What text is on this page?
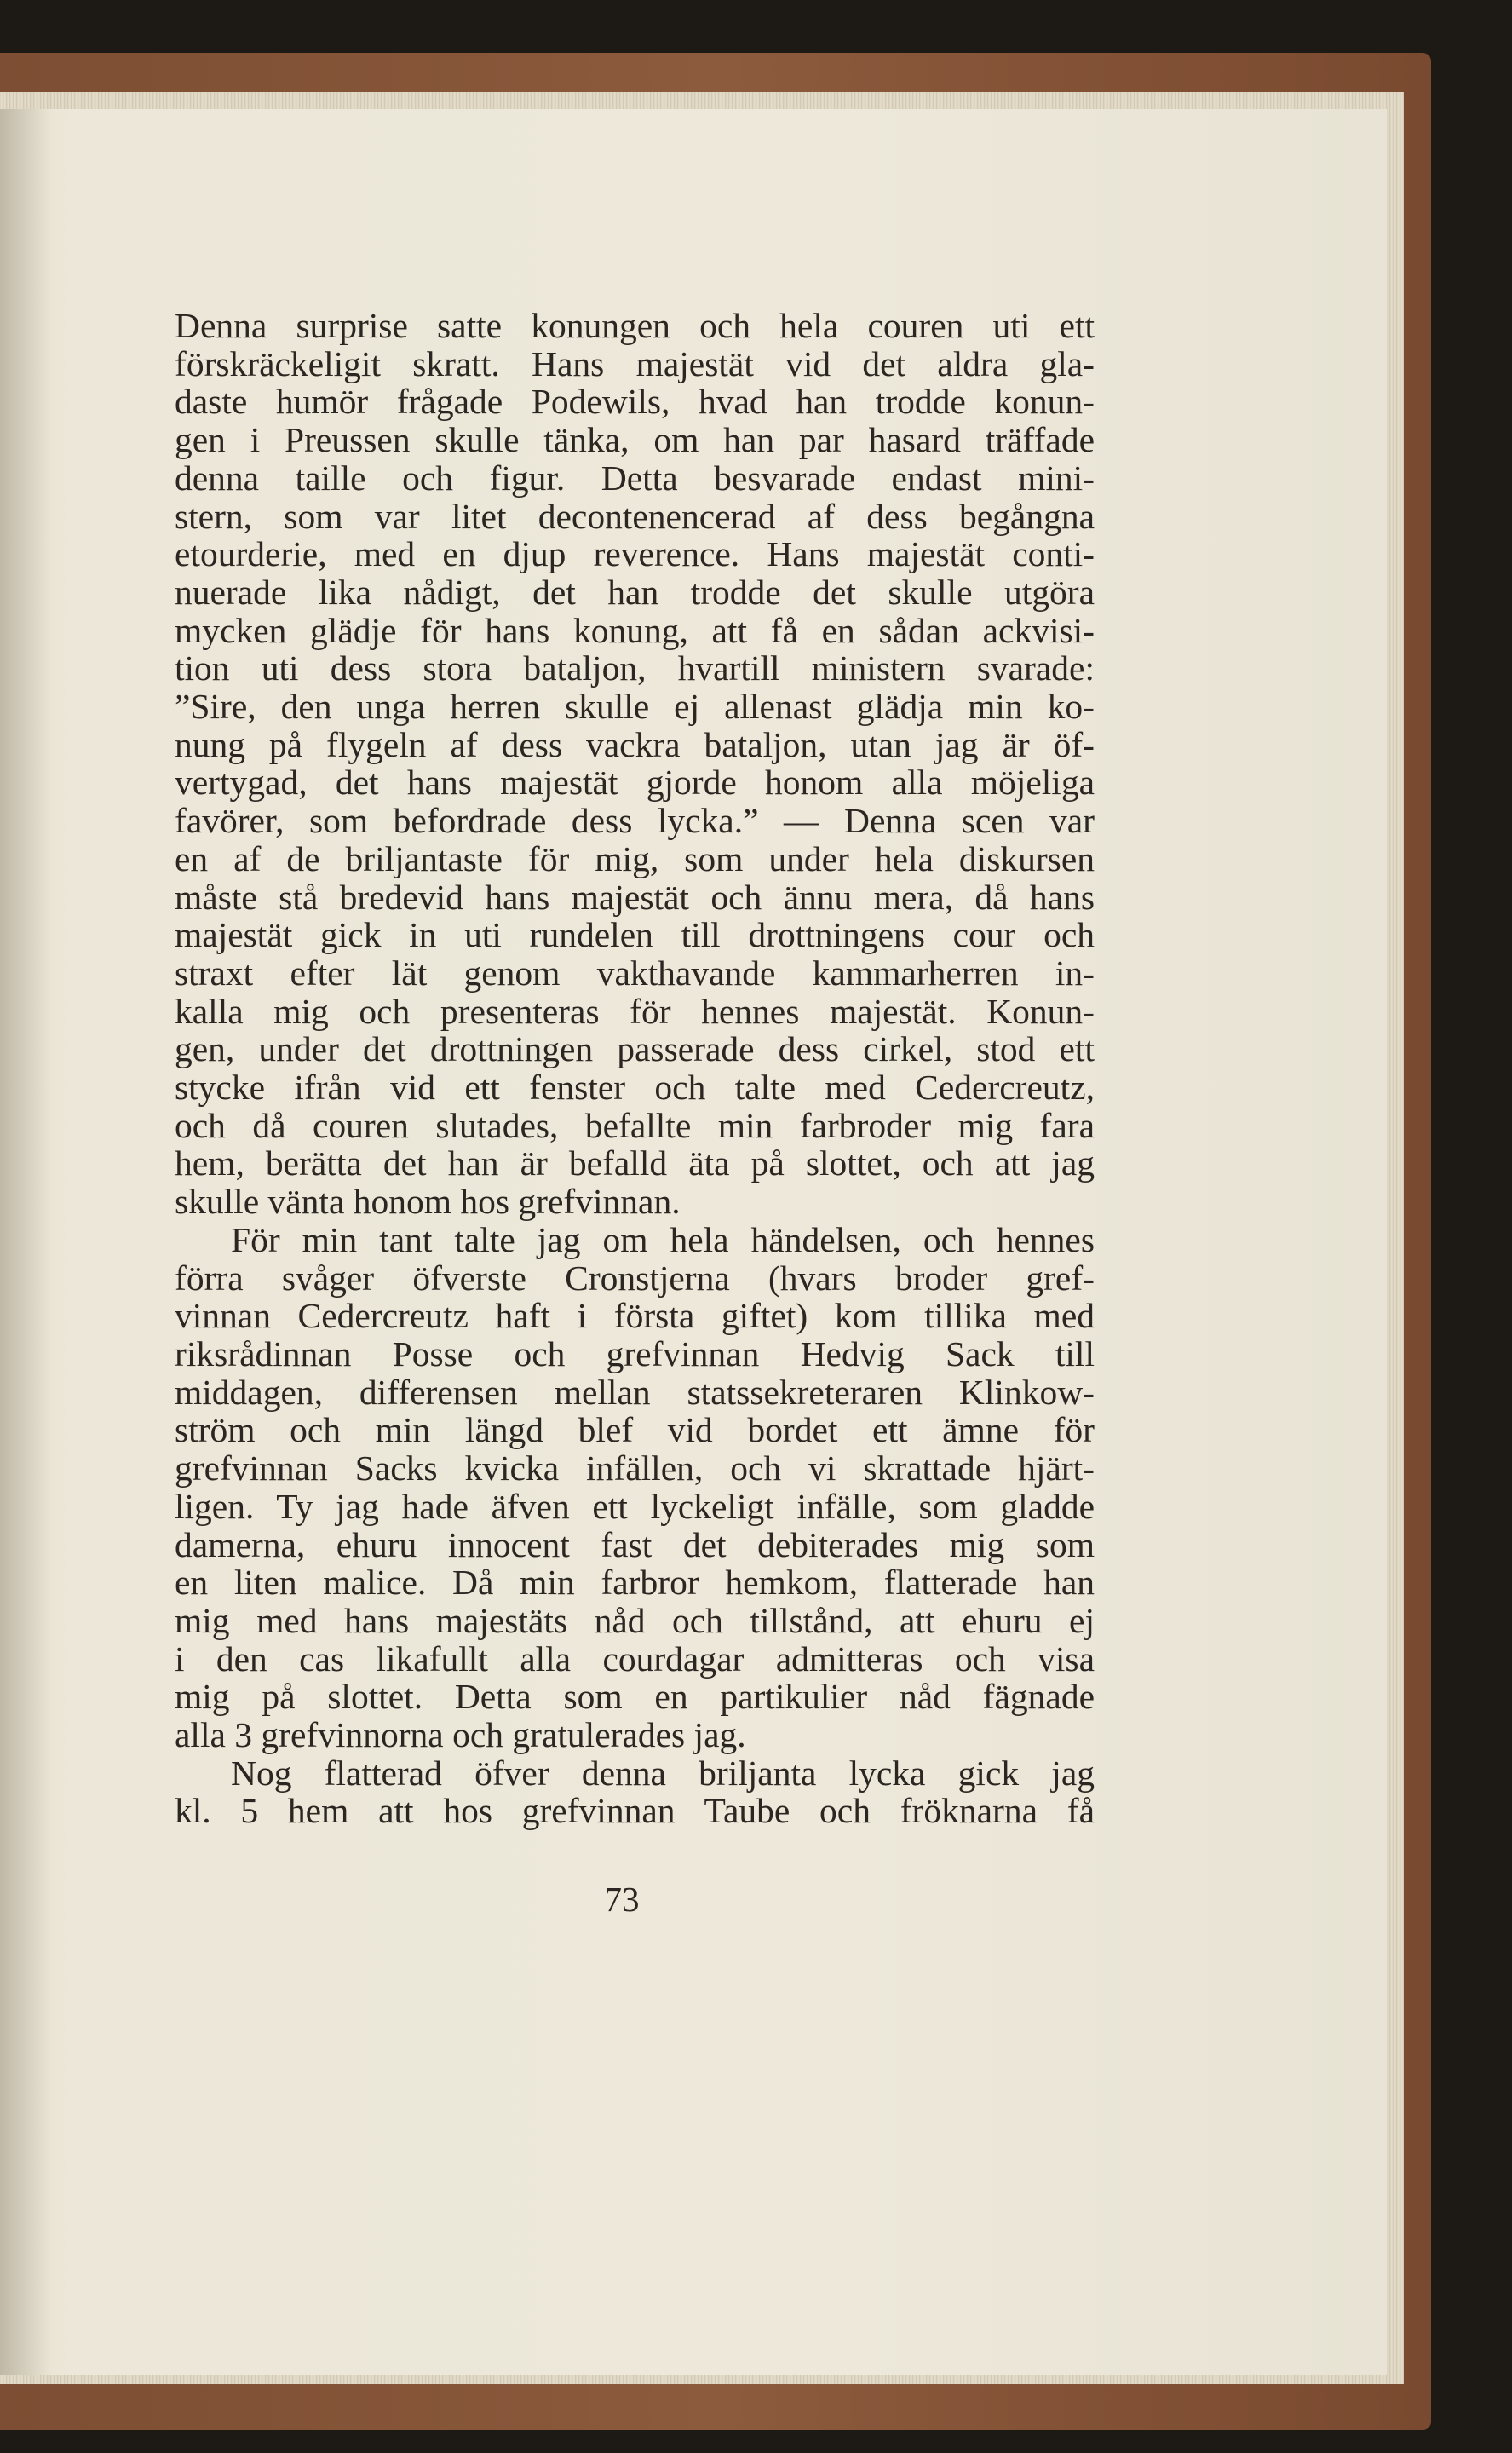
Denna surprise satte konungen och hela couren uti ett
förskräckeligit skratt. Hans majestät vid det aldra gla-
daste humör frågade Podewils, hvad han trodde konun-
gen i Preussen skulle tänka, om han par hasard träffade
denna taille och figur. Detta besvarade endast mini-
stern, som var litet decontenencerad af dess begångna
etourderie, med en djup reverence. Hans majestät conti-
nuerade lika nådigt, det han trodde det skulle utgöra
mycken glädje för hans konung, att få en sådan ackvisi-
tion uti dess stora bataljon, hvartill ministern svarade:
”Sire, den unga herren skulle ej allenast glädja min ko-
nung på flygeln af dess vackra bataljon, utan jag är öf-
vertygad, det hans majestät gjorde honom alla möjeliga
favörer, som befordrade dess lycka.” — Denna scen var
en af de briljantaste för mig, som under hela diskursen
måste stå bredevid hans majestät och ännu mera, då hans
majestät gick in uti rundelen till drottningens cour och
straxt efter lät genom vakthavande kammarherren in-
kalla mig och presenteras för hennes majestät. Konun-
gen, under det drottningen passerade dess cirkel, stod ett
stycke ifrån vid ett fenster och talte med Cedercreutz,
och då couren slutades, befallte min farbroder mig fara
hem, berätta det han är befalld äta på slottet, och att jag
skulle vänta honom hos grefvinnan.

För min tant talte jag om hela händelsen, och hennes
förra svåger öfverste Cronstjerna (hvars broder gref-
vinnan Cedercreutz haft i första giftet) kom tillika med
riksrådinnan Posse och grefvinnan Hedvig Sack till
middagen, differensen mellan statssekreteraren Klinkow-
ström och min längd blef vid bordet ett ämne för
grefvinnan Sacks kvicka infällen, och vi skrattade hjärt-
ligen. Ty jag hade äfven ett lyckeligt infälle, som gladde
damerna, ehuru innocent fast det debiterades mig som
en liten malice. Då min farbror hemkom, flatterade han
mig med hans majestäts nåd och tillstånd, att ehuru ej
i den cas likafullt alla courdagar admitteras och visa
mig på slottet. Detta som en partikulier nåd fägnade
alla 3 grefvinnorna och gratulerades jag.

Nog flatterad öfver denna briljanta lycka gick jag
kl. 5 hem att hos grefvinnan Taube och fröknarna få

73
